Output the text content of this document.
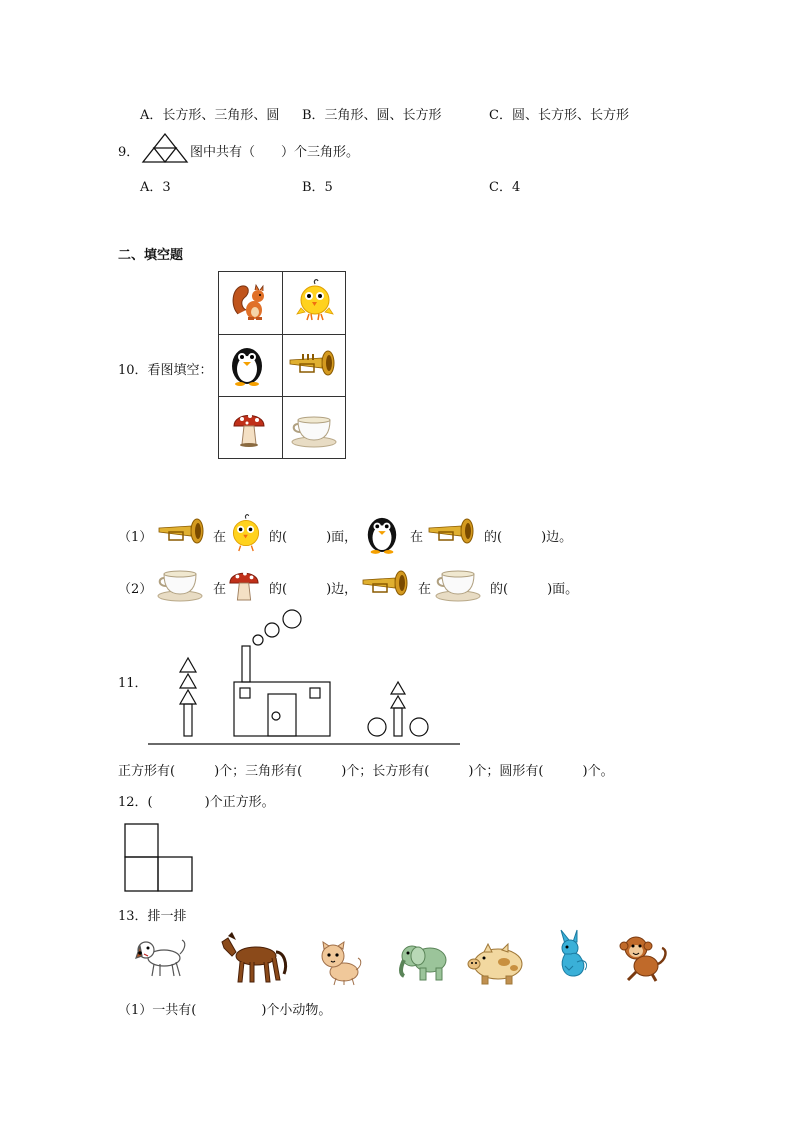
A．长方形、三角形、圆 B．三角形、圆、长方形	C．圆、长方形、长方形
9．	图中共有（　　）个三角形。
A．3	B．5	C．4
二、填空题
10．看图填空：
（1）	在	的(　　　)面，	在	的(　　　)边。
（2）	在	的(　　　)边，	在	的(　　　)面。
11．
正方形有(　　　)个；三角形有(　　　)个；长方形有(　　　)个；圆形有(　　　)个。
12．(　　　　)个正方形。
13．排一排
（1）一共有(　　　　　)个小动物。
